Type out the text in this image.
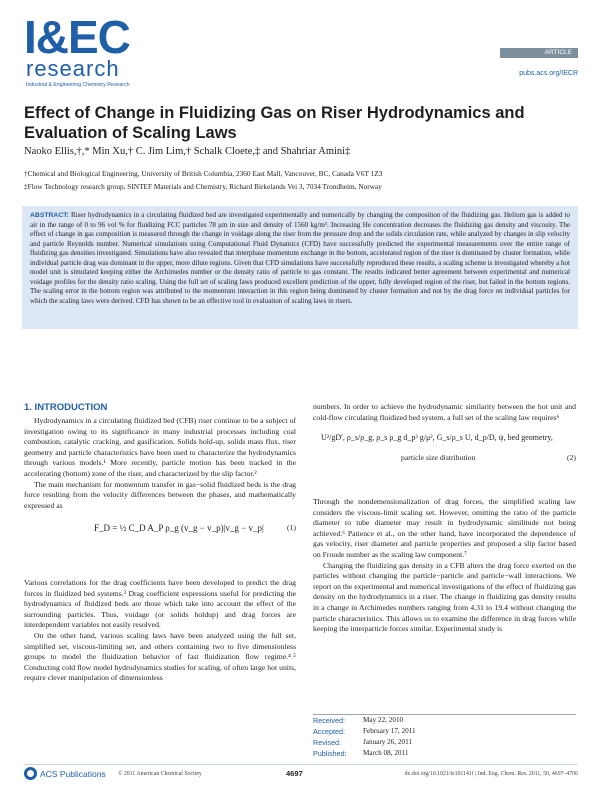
I&EC
research
Industrial & Engineering Chemistry Research
ARTICLE
pubs.acs.org/IECR
Effect of Change in Fluidizing Gas on Riser Hydrodynamics and Evaluation of Scaling Laws
Naoko Ellis,†,* Min Xu,† C. Jim Lim,† Schalk Cloete,‡ and Shahriar Amini‡
†Chemical and Biological Engineering, University of British Columbia, 2360 East Mall, Vancouver, BC, Canada V6T 1Z3
‡Flow Technology research group, SINTEF Materials and Chemistry, Richard Birkelands Vei 3, 7034 Trondheim, Norway
ABSTRACT: Riser hydrodynamics in a circulating fluidized bed are investigated experimentally and numerically by changing the composition of the fluidizing gas. Helium gas is added to air in the range of 0 to 96 vol % for fluidizing FCC particles 78 μm in size and density of 1560 kg/m³. Increasing He concentration decreases the fluidizing gas density and viscosity. The effect of change in gas composition is measured through the change in voidage along the riser from the pressure drop and the solids circulation rate, while analyzed by changes in slip velocity and particle Reynolds number. Numerical simulations using Computational Fluid Dynamics (CFD) have successfully predicted the experimental measurements over the entire range of fluidizing gas densities investigated. Simulations have also revealed that interphase momentum exchange in the bottom, accelerated region of the riser is dominated by cluster formation, while individual particle drag was dominant in the upper, more dilute regions. Given that CFD simulations have successfully reproduced these results, a scaling scheme is investigated whereby a hot model unit is simulated keeping either the Archimedes number or the density ratio of particle to gas constant. The results indicated better agreement between experimental and numerical voidage profiles for the density ratio scaling. Using the full set of scaling laws produced excellent prediction of the upper, fully developed region of the riser, but failed in the bottom regions. The scaling error in the bottom region was attributed to the momentum interaction in this region being dominated by cluster formation and not by the drag force on individual particles for which the scaling laws were derived. CFD has shown to be an effective tool in evaluation of scaling laws in risers.
1. INTRODUCTION

Hydrodynamics in a circulating fluidized bed (CFB) riser continue to be a subject of investigation owing to its significance in many industrial processes including coal combustion, catalytic cracking, and gasification. Solids hold-up, solids mass flux, riser geometry and particle characteristics have been used to characterize the hydrodynamics through various models.¹ More recently, particle motion has been tracked in the accelerating (bottom) zone of the riser, and characterized by the slip factor.²

The main mechanism for momentum transfer in gas−solid fluidized beds is the drag force resulting from the velocity differences between the phases, and mathematically expressed as

F_D = ½ C_D A_P ρ_g (v_g − v_p)|v_g − v_p|	(1)

Various correlations for the drag coefficients have been developed to predict the drag forces in fluidized bed systems.³ Drag coefficient expressions useful for predicting the hydrodynamics of fluidized beds are those which take into account the effect of the surrounding particles. Thus, voidage (or solids holdup) and drag forces are interdependent variables not easily resolved.

On the other hand, various scaling laws have been analyzed using the full set, simplified set, viscous-limiting set, and others containing two to five dimensionless groups to model the fluidization behavior of fast fluidization flow regime.⁴˒⁵ Conducting cold flow model hydrodynamics studies for scaling, of often large hot units, require clever manipulation of dimensionless

numbers. In order to achieve the hydrodynamic similarity between the hot unit and cold-flow circulating fluidized bed system, a full set of the scaling law requires⁶

U²/gD′, ρ_s/ρ_g, ρ_s ρ_g d_p³ g/μ², G_s/ρ_s U, d_p/D, ψ, bed geometry,
particle size distribution	(2)

Through the nondemensionalization of drag forces, the simplified scaling law considers the viscous-limit scaling set. However, omitting the ratio of the particle diameter to tube diameter may result in hydrodynamic similitude not being achieved.⁶ Patience et al., on the other hand, have incorporated the dependence of gas velocity, riser diameter and particle properties and proposed a slip factor based on Froude number as the scaling law component.⁷

Changing the fluidizing gas density in a CFB alters the drag force exerted on the particles without changing the particle−particle and particle−wall interactions. We report on the experimental and numerical investigations of the effect of fluidizing gas density on the hydrodynamics in a riser. The change in fluidizing gas density results in a change in Archimedes numbers ranging from 4.31 to 19.4 without changing the particle characteristics. This allows us to examine the difference in drag forces while keeping the interparticle forces similar. Experimental study is

Received:	May 22, 2010
Accepted:	February 17, 2011
Revised:	January 26, 2011
Published:	March 08, 2011
ACS Publications © 2011 American Chemical Society	4697	dx.doi.org/10.1021/ie101141f | Ind. Eng. Chem. Res. 2011, 50, 4697–4706
